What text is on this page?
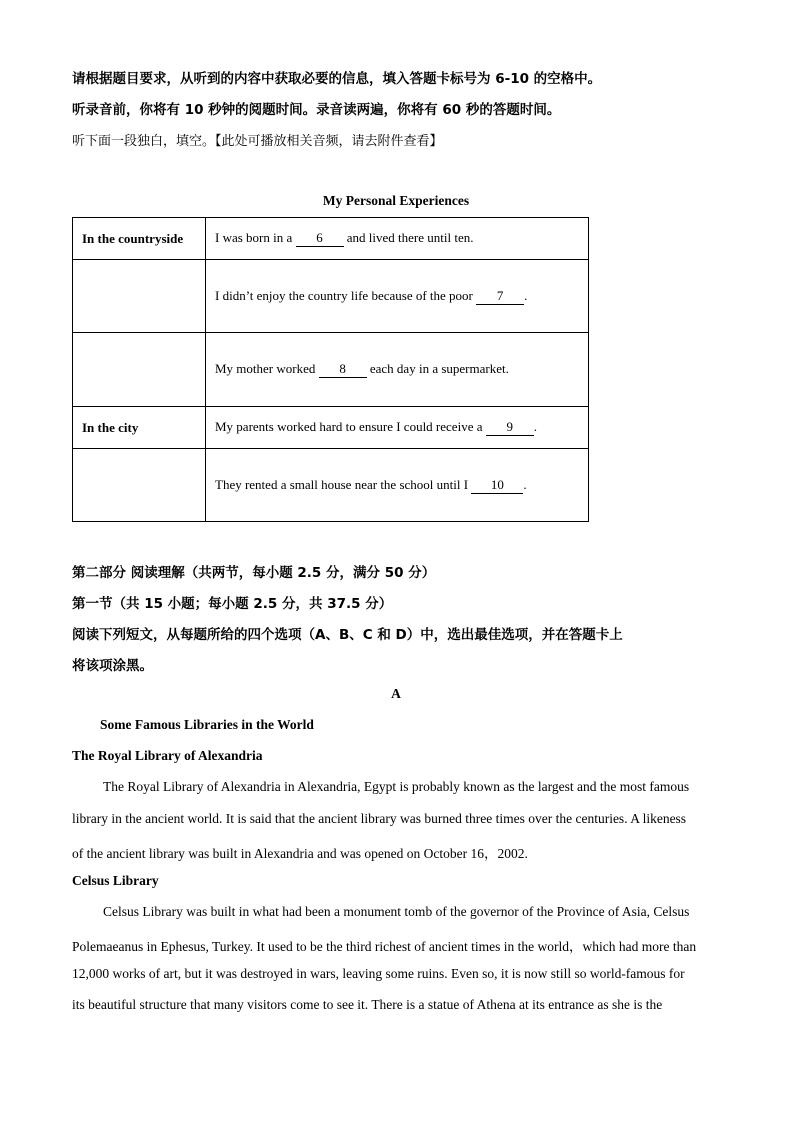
请根据题目要求，从听到的内容中获取必要的信息，填入答题卡标号为 6-10 的空格中。
听录音前，你将有 10 秒钟的阅题时间。录音读两遍，你将有 60 秒的答题时间。
听下面一段独白，填空。【此处可播放相关音频，请去附件查看】
My Personal Experiences
In the countryside	I was born in a 6 and lived there until ten.
	I didn’t enjoy the country life because of the poor 7 .
	My mother worked 8 each day in a supermarket.
In the city	My parents worked hard to ensure I could receive a 9 .
	They rented a small house near the school until I 10 .
第二部分 阅读理解（共两节，每小题 2.5 分，满分 50 分）
第一节（共 15 小题；每小题 2.5 分，共 37.5 分）
阅读下列短文，从每题所给的四个选项（A、B、C 和 D）中，选出最佳选项，并在答题卡上
将该项涂黑。
A
Some Famous Libraries in the World
The Royal Library of Alexandria
The Royal Library of Alexandria in Alexandria, Egypt is probably known as the largest and the most famous
library in the ancient world. It is said that the ancient library was burned three times over the centuries. A likeness
of the ancient library was built in Alexandria and was opened on October 16，2002.
Celsus Library
Celsus Library was built in what had been a monument tomb of the governor of the Province of Asia, Celsus
Polemaeanus in Ephesus, Turkey. It used to be the third richest of ancient times in the world，which had more than
12,000 works of art, but it was destroyed in wars, leaving some ruins. Even so, it is now still so world-famous for
its beautiful structure that many visitors come to see it. There is a statue of Athena at its entrance as she is the
